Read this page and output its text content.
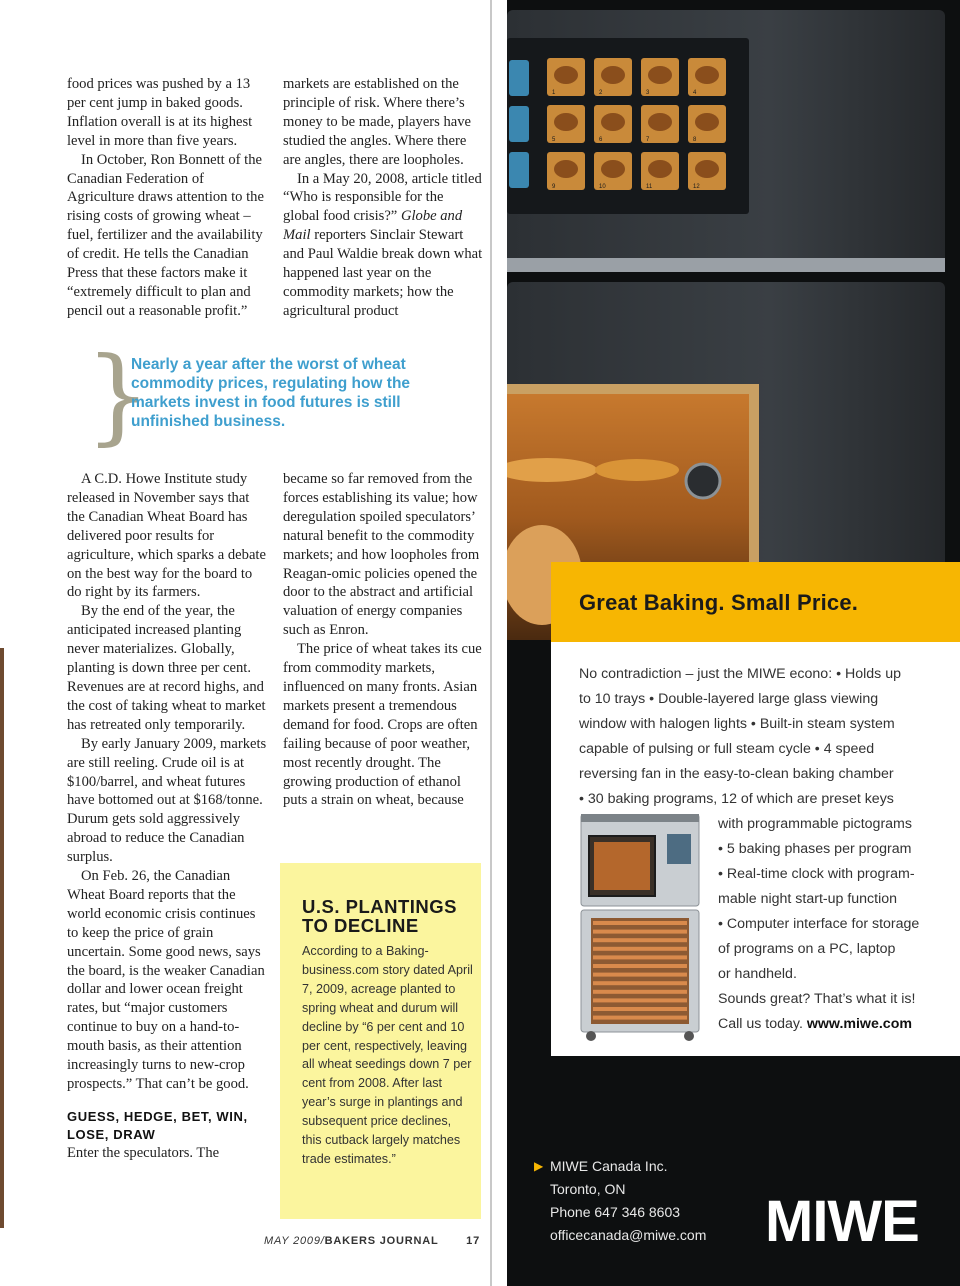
food prices was pushed by a 13 per cent jump in baked goods. Inflation overall is at its highest level in more than five years.

In October, Ron Bonnett of the Canadian Federation of Agriculture draws attention to the rising costs of growing wheat – fuel, fertilizer and the availability of credit. He tells the Canadian Press that these factors make it “extremely difficult to plan and pencil out a reasonable profit.”

markets are established on the principle of risk. Where there’s money to be made, players have studied the angles. Where there are angles, there are loopholes.

In a May 20, 2008, article titled “Who is responsible for the global food crisis?” Globe and Mail reporters Sinclair Stewart and Paul Waldie break down what happened last year on the commodity markets; how the agricultural product

}
Nearly a year after the worst of wheat commodity prices, regulating how the markets invest in food futures is still unfinished business.

A C.D. Howe Institute study released in November says that the Canadian Wheat Board has delivered poor results for agriculture, which sparks a debate on the best way for the board to do right by its farmers.

By the end of the year, the anticipated increased planting never materializes. Globally, planting is down three per cent. Revenues are at record highs, and the cost of taking wheat to market has retreated only temporarily.

By early January 2009, markets are still reeling. Crude oil is at $100/barrel, and wheat futures have bottomed out at $168/tonne. Durum gets sold aggressively abroad to reduce the Canadian surplus.

On Feb. 26, the Canadian Wheat Board reports that the world economic crisis continues to keep the price of grain uncertain. Some good news, says the board, is the weaker Canadian dollar and lower ocean freight rates, but “major customers continue to buy on a hand-to-mouth basis, as their attention increasingly turns to new-crop prospects.” That can’t be good.

GUESS, HEDGE, BET, WIN, LOSE, DRAW

Enter the speculators. The

became so far removed from the forces establishing its value; how deregulation spoiled speculators’ natural benefit to the commodity markets; and how loopholes from Reagan-omic policies opened the door to the abstract and artificial valuation of energy companies such as Enron.

The price of wheat takes its cue from commodity markets, influenced on many fronts. Asian markets present a tremendous demand for food. Crops are often failing because of poor weather, most recently drought. The growing production of ethanol puts a strain on wheat, because

U.S. PLANTINGS TO DECLINE
According to a Baking-business.com story dated April 7, 2009, acreage planted to spring wheat and durum will decline by “6 per cent and 10 per cent, respectively, leaving all wheat seedings down 7 per cent from 2008. After last year’s surge in plantings and subsequent price declines, this cutback largely matches trade estimates.”
MAY 2009/BAKERS JOURNAL	17
1	2	3	4
5	6	7	8
9	10	11	12
Great Baking. Small Price.
No contradiction – just the MIWE econo: • Holds up
to 10 trays • Double-layered large glass viewing
window with halogen lights • Built-in steam system
capable of pulsing or full steam cycle • 4 speed
reversing fan in the easy-to-clean baking chamber
• 30 baking programs, 12 of which are preset keys
with programmable pictograms
• 5 baking phases per program
• Real-time clock with program-
mable night start-up function
• Computer interface for storage
of programs on a PC, laptop
or handheld.
Sounds great? That’s what it is!
Call us today. www.miwe.com
▶ MIWE Canada Inc.
Toronto, ON
Phone 647 346 8603
officecanada@miwe.com MIWE
